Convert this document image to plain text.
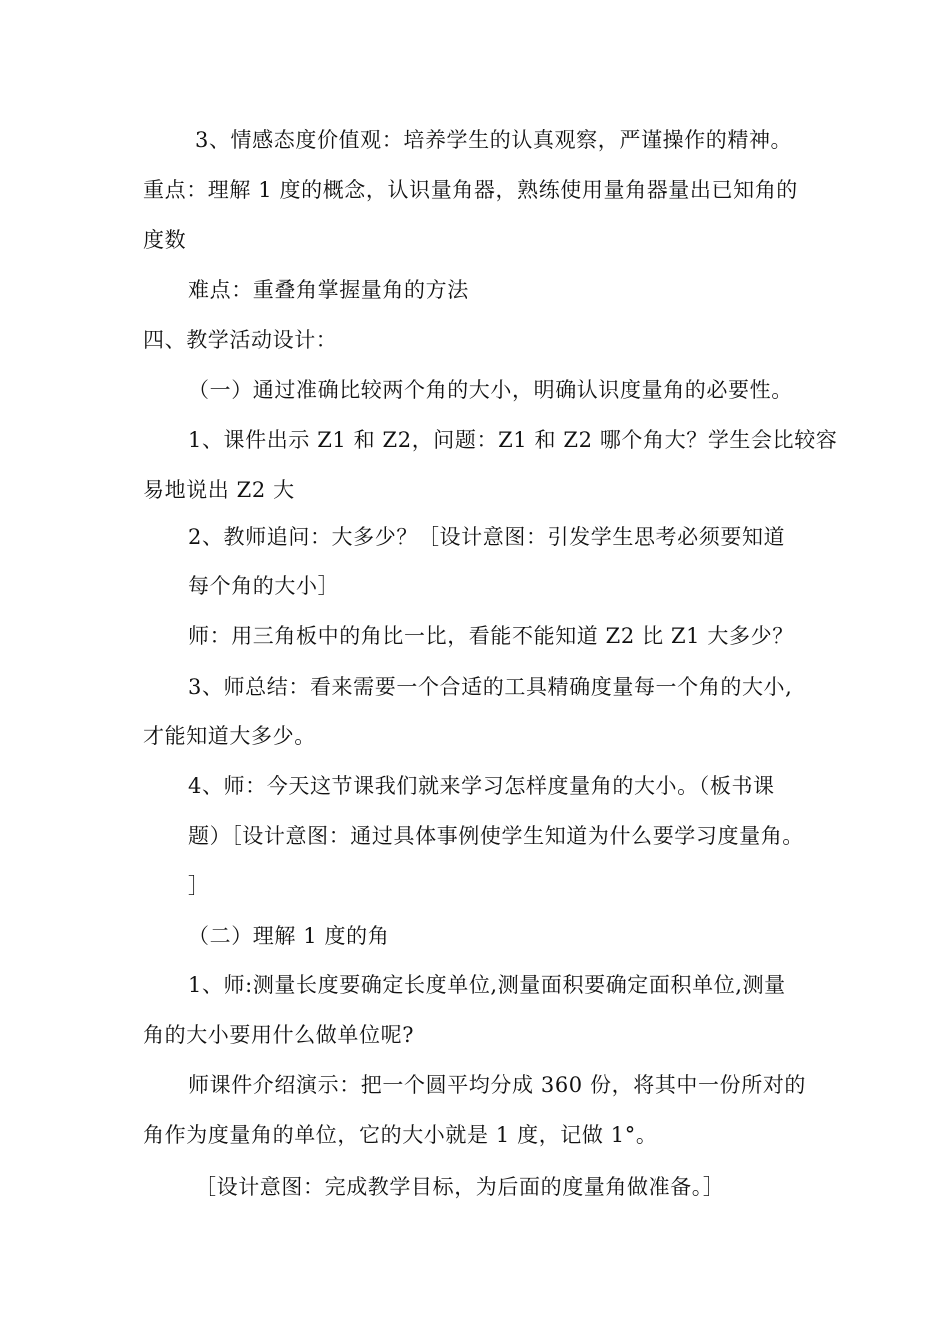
3、情感态度价值观：培养学生的认真观察，严谨操作的精神。
重点：理解 1 度的概念，认识量角器，熟练使用量角器量出已知角的
度数
难点：重叠角掌握量角的方法
四、教学活动设计：
（一）通过准确比较两个角的大小，明确认识度量角的必要性。
1、课件出示 Z1 和 Z2，问题：Z1 和 Z2 哪个角大？学生会比较容
易地说出 Z2 大
2、教师追问：大多少？［设计意图：引发学生思考必须要知道
每个角的大小］
师：用三角板中的角比一比，看能不能知道 Z2 比 Z1 大多少？
3、师总结：看来需要一个合适的工具精确度量每一个角的大小,
才能知道大多少。
4、师：今天这节课我们就来学习怎样度量角的大小。（板书课
题）［设计意图：通过具体事例使学生知道为什么要学习度量角。
］
（二）理解 1 度的角
1、师:测量长度要确定长度单位,测量面积要确定面积单位,测量
角的大小要用什么做单位呢?
师课件介绍演示：把一个圆平均分成 360 份，将其中一份所对的
角作为度量角的单位，它的大小就是 1 度，记做 1°。
［设计意图：完成教学目标，为后面的度量角做准备。］
